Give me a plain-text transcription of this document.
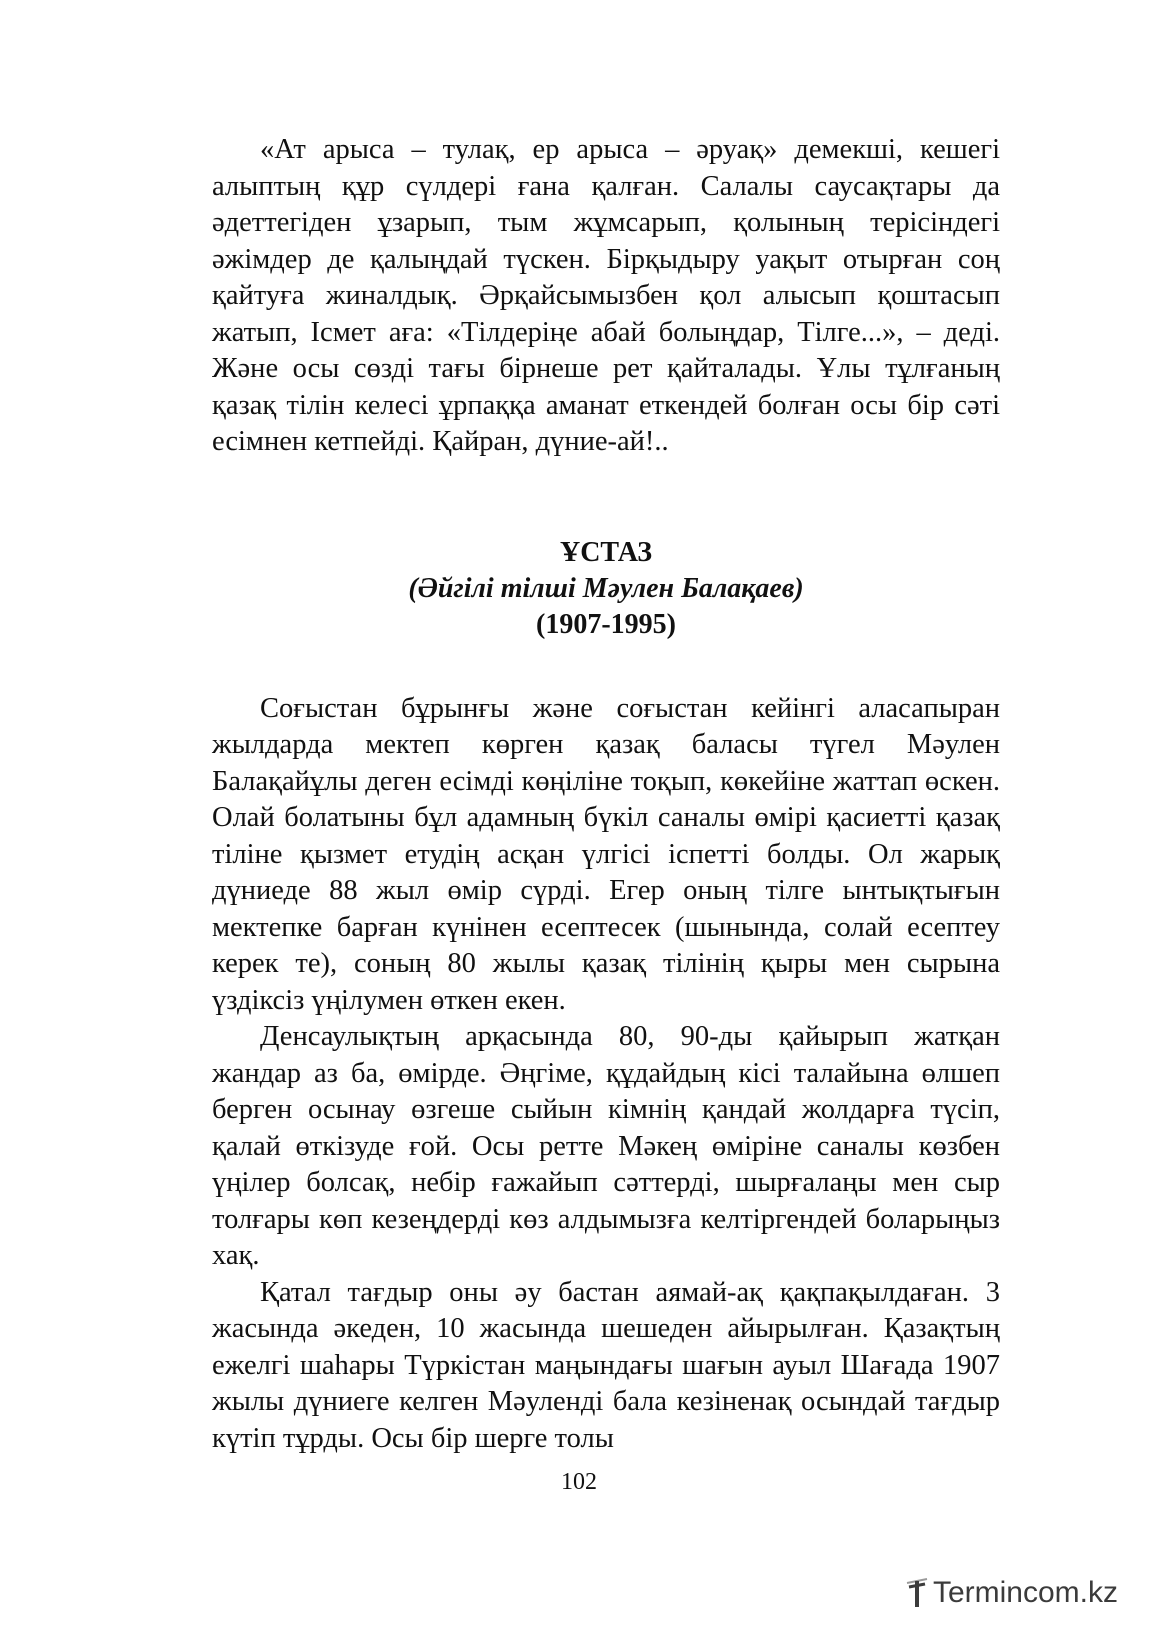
«Ат арыса – тулақ, ер арыса – әруақ» демекші, кешегі алыптың құр сүлдері ғана қалған. Салалы саусақтары да әдеттегіден ұзарып, тым жұмсарып, қолының терісіндегі әжімдер де қалыңдай түскен. Бірқыдыру уақыт отырған соң қайтуға жиналдық. Әрқайсымызбен қол алысып қоштасып жатып, Ісмет аға: «Тілдеріңе абай болыңдар, Тілге...», – деді. Және осы сөзді тағы бірнеше рет қайталады. Ұлы тұлғаның қазақ тілін келесі ұрпаққа аманат еткендей болған осы бір сәті есімнен кетпейді. Қайран, дүние-ай!..

ҰСТАЗ
(Әйгілі тілші Мәулен Балақаев)
(1907-1995)

Соғыстан бұрынғы және соғыстан кейінгі аласапыран жылдарда мектеп көрген қазақ баласы түгел Мәулен Балақайұлы деген есімді көңіліне тоқып, көкейіне жаттап өскен. Олай болатыны бұл адамның бүкіл саналы өмірі қасиетті қазақ тіліне қызмет етудің асқан үлгісі іспетті болды. Ол жарық дүниеде 88 жыл өмір сүрді. Егер оның тілге ынтықтығын мектепке барған күнінен есептесек (шынында, солай есептеу керек те), соның 80 жылы қазақ тілінің қыры мен сырына үздіксіз үңілумен өткен екен.

Денсаулықтың арқасында 80, 90-ды қайырып жатқан жандар аз ба, өмірде. Әңгіме, құдайдың кісі талайына өлшеп берген осынау өзгеше сыйын кімнің қандай жолдарға түсіп, қалай өткізуде ғой. Осы ретте Мәкең өміріне саналы көзбен үңілер болсақ, небір ғажайып сәттерді, шырғалаңы мен сыр толғары көп кезеңдерді көз алдымызға келтіргендей боларыңыз хақ.

Қатал тағдыр оны әу бастан аямай-ақ қақпақылдаған. 3 жасында әкеден, 10 жасында шешеден айырылған. Қазақтың ежелгі шаһары Түркістан маңындағы шағын ауыл Шағада 1907 жылы дүниеге келген Мәуленді бала кезіненақ осындай тағдыр күтіп тұрды. Осы бір шерге толы

102
Termincom.kz
